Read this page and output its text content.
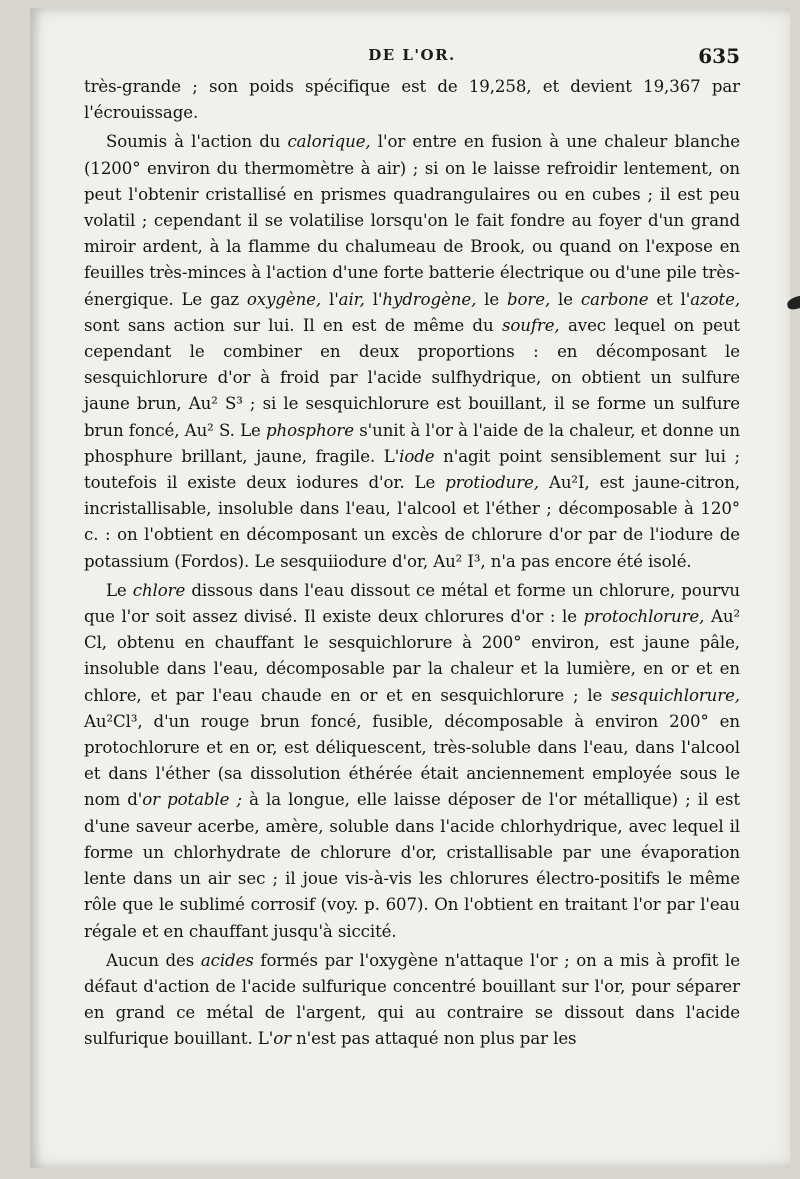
DE L'OR.	635

très-grande ; son poids spécifique est de 19,258, et devient 19,367 par l'écrouissage.

Soumis à l'action du calorique, l'or entre en fusion à une chaleur blanche (1200° environ du thermomètre à air) ; si on le laisse refroidir lentement, on peut l'obtenir cristallisé en prismes quadrangulaires ou en cubes ; il est peu volatil ; cependant il se volatilise lorsqu'on le fait fondre au foyer d'un grand miroir ardent, à la flamme du chalumeau de Brook, ou quand on l'expose en feuilles très-minces à l'action d'une forte batterie électrique ou d'une pile très-énergique. Le gaz oxygène, l'air, l'hydrogène, le bore, le carbone et l'azote, sont sans action sur lui. Il en est de même du soufre, avec lequel on peut cependant le combiner en deux proportions : en décomposant le sesquichlorure d'or à froid par l'acide sulfhydrique, on obtient un sulfure jaune brun, Au² S³ ; si le sesquichlorure est bouillant, il se forme un sulfure brun foncé, Au² S. Le phosphore s'unit à l'or à l'aide de la chaleur, et donne un phosphure brillant, jaune, fragile. L'iode n'agit point sensiblement sur lui ; toutefois il existe deux iodures d'or. Le protiodure, Au²I, est jaune-citron, incristallisable, insoluble dans l'eau, l'alcool et l'éther ; décomposable à 120° c. : on l'obtient en décomposant un excès de chlorure d'or par de l'iodure de potassium (Fordos). Le sesquiiodure d'or, Au² I³, n'a pas encore été isolé.

Le chlore dissous dans l'eau dissout ce métal et forme un chlorure, pourvu que l'or soit assez divisé. Il existe deux chlorures d'or : le protochlorure, Au² Cl, obtenu en chauffant le sesquichlorure à 200° environ, est jaune pâle, insoluble dans l'eau, décomposable par la chaleur et la lumière, en or et en chlore, et par l'eau chaude en or et en sesquichlorure ; le sesquichlorure, Au²Cl³, d'un rouge brun foncé, fusible, décomposable à environ 200° en protochlorure et en or, est déliquescent, très-soluble dans l'eau, dans l'alcool et dans l'éther (sa dissolution éthérée était anciennement employée sous le nom d'or potable ; à la longue, elle laisse déposer de l'or métallique) ; il est d'une saveur acerbe, amère, soluble dans l'acide chlorhydrique, avec lequel il forme un chlorhydrate de chlorure d'or, cristallisable par une évaporation lente dans un air sec ; il joue vis-à-vis les chlorures électro-positifs le même rôle que le sublimé corrosif (voy. p. 607). On l'obtient en traitant l'or par l'eau régale et en chauffant jusqu'à siccité.

Aucun des acides formés par l'oxygène n'attaque l'or ; on a mis à profit le défaut d'action de l'acide sulfurique concentré bouillant sur l'or, pour séparer en grand ce métal de l'argent, qui au contraire se dissout dans l'acide sulfurique bouillant. L'or n'est pas attaqué non plus par les
